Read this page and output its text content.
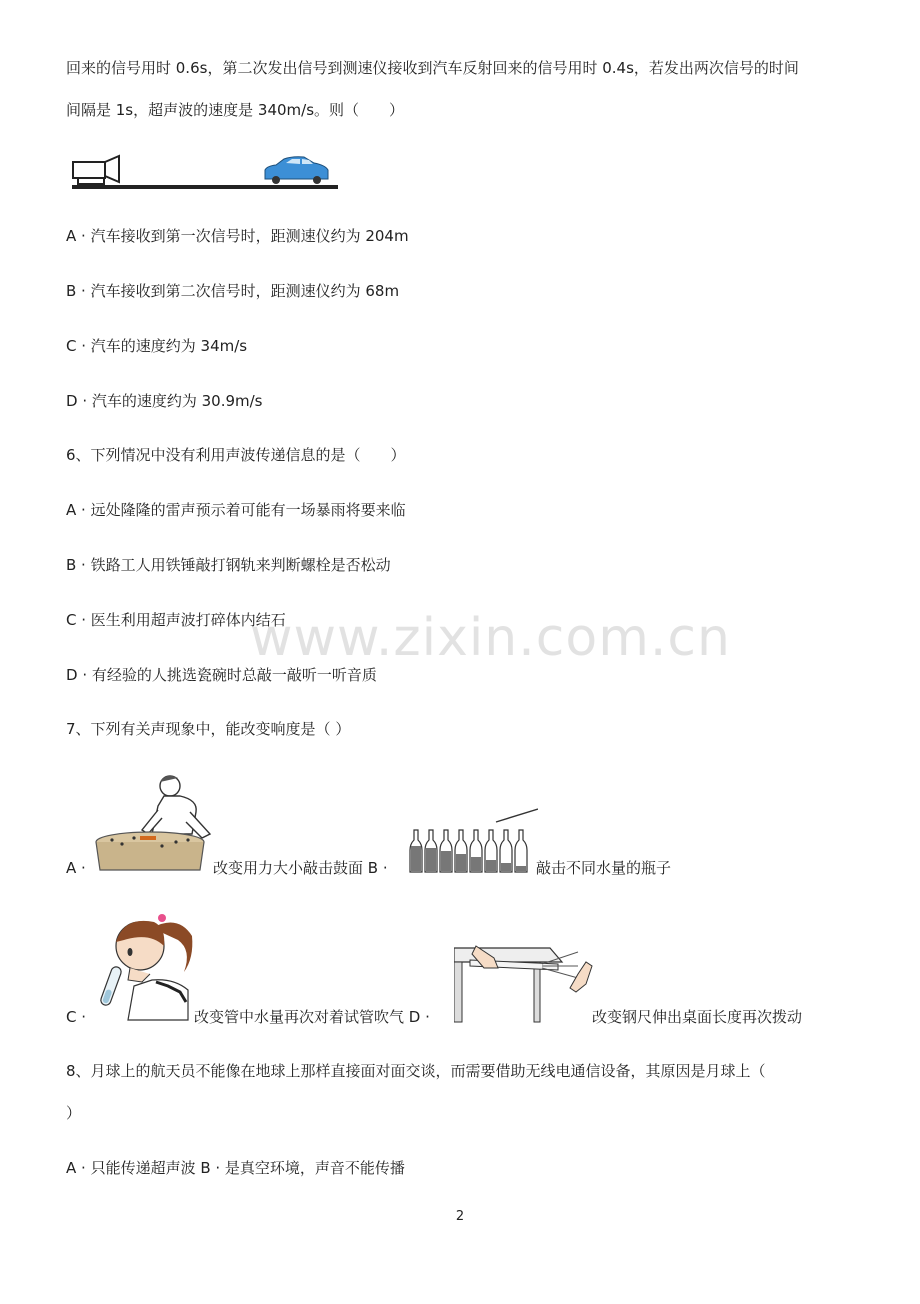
回来的信号用时 0.6s，第二次发出信号到测速仪接收到汽车反射回来的信号用时 0.4s，若发出两次信号的时间
间隔是 1s，超声波的速度是 340m/s。则（　　）
A · 汽车接收到第一次信号时，距测速仪约为 204m
B · 汽车接收到第二次信号时，距测速仪约为 68m
C · 汽车的速度约为 34m/s
D · 汽车的速度约为 30.9m/s
6、下列情况中没有利用声波传递信息的是（　　）
A · 远处隆隆的雷声预示着可能有一场暴雨将要来临
B · 铁路工人用铁锤敲打钢轨来判断螺栓是否松动
C · 医生利用超声波打碎体内结石
D · 有经验的人挑选瓷碗时总敲一敲听一听音质
www.zixin.com.cn
7、下列有关声现象中，能改变响度是（ ）
A ·	改变用力大小敲击鼓面 B ·	敲击不同水量的瓶子
C ·	改变管中水量再次对着试管吹气 D ·	改变钢尺伸出桌面长度再次拨动
8、月球上的航天员不能像在地球上那样直接面对面交谈，而需要借助无线电通信设备，其原因是月球上（
）
A · 只能传递超声波 B · 是真空环境，声音不能传播
2
